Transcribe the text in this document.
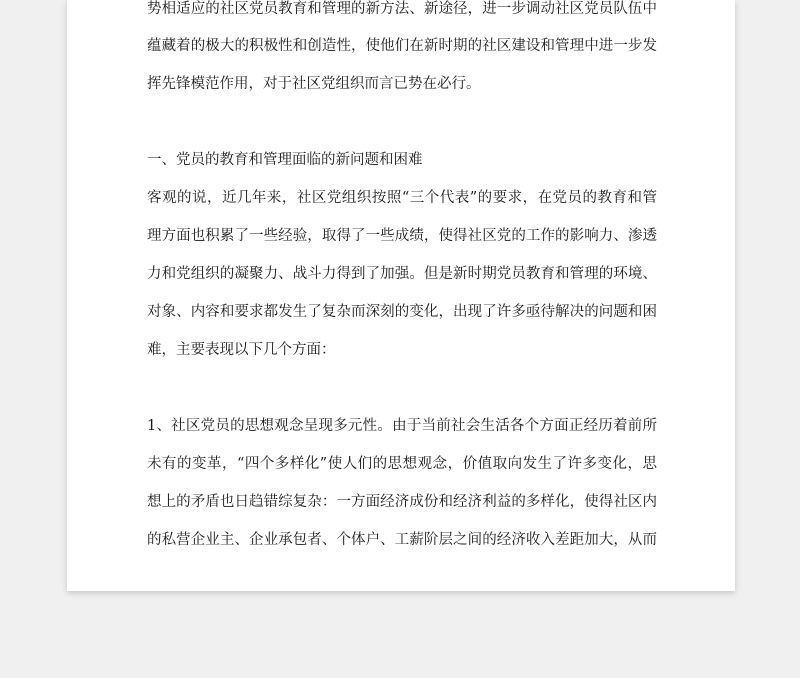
势相适应的社区党员教育和管理的新方法、新途径，进一步调动社区党员队伍中

蕴藏着的极大的积极性和创造性，使他们在新时期的社区建设和管理中进一步发

挥先锋模范作用，对于社区党组织而言已势在必行。

一、党员的教育和管理面临的新问题和困难

客观的说，近几年来，社区党组织按照“三个代表”的要求，在党员的教育和管

理方面也积累了一些经验，取得了一些成绩，使得社区党的工作的影响力、渗透

力和党组织的凝聚力、战斗力得到了加强。但是新时期党员教育和管理的环境、

对象、内容和要求都发生了复杂而深刻的变化，出现了许多亟待解决的问题和困

难，主要表现以下几个方面：

1、社区党员的思想观念呈现多元性。由于当前社会生活各个方面正经历着前所

未有的变革，“四个多样化”使人们的思想观念，价值取向发生了许多变化，思

想上的矛盾也日趋错综复杂：一方面经济成份和经济利益的多样化，使得社区内

的私营企业主、企业承包者、个体户、工薪阶层之间的经济收入差距加大，从而
